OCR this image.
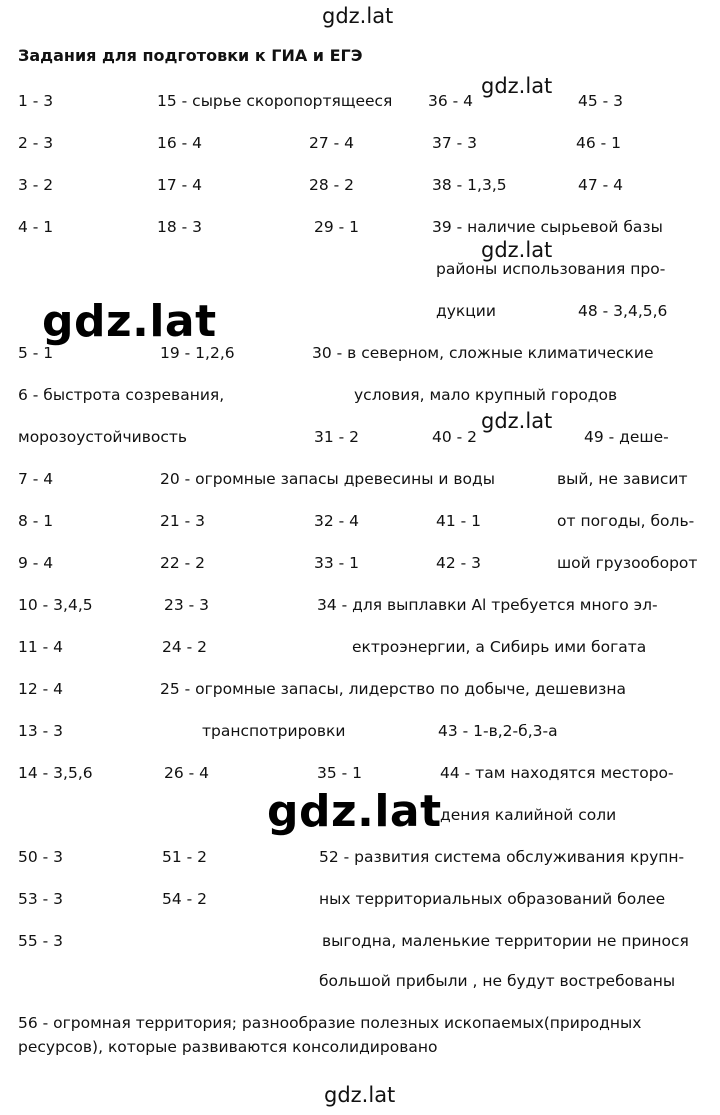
gdz.lat
Задания для подготовки к ГИА и ЕГЭ
gdz.lat
1 - 3	15 - сырье скоропортящееся 36 - 4	45 - 3
2 - 3	16 - 4	27 - 4	37 - 3	46 - 1
3 - 2	17 - 4	28 - 2	38 - 1,3,5	47 - 4
4 - 1	18 - 3	29 - 1	39 - наличие сырьевой базы
gdz.lat
районы использования про-
gdz.lat	дукции	48 - 3,4,5,6
5 - 1	19 - 1,2,6	30 - в северном, сложные климатические
6 - быстрота созревания,	условия, мало крупный городов
gdz.lat
морозоустойчивость	31 - 2	40 - 2	49 - деше-
7 - 4	20 - огромные запасы древесины и воды	вый, не зависит
8 - 1	21 - 3	32 - 4	41 - 1	от погоды, боль-
9 - 4	22 - 2	33 - 1	42 - 3	шой грузооборот
10 - 3,4,5	23 - 3	34 - для выплавки Al требуется много эл-
11 - 4	24 - 2	ектроэнергии, а Сибирь ими богата
12 - 4	25 - огромные запасы, лидерство по добыче, дешевизна
13 - 3	транспотрировки	43 - 1-в,2-б,3-а
14 - 3,5,6	26 - 4	35 - 1	44 - там находятся месторо-
gdz.lat
дения калийной соли
50 - 3	51 - 2	52 - развития система обслуживания крупн-
53 - 3	54 - 2	ных территориальных образований более
55 - 3	выгодна, маленькие территории не принося
большой прибыли , не будут востребованы
56 - огромная территория; разнообразие полезных ископаемых(природных ресурсов), которые развиваются консолидировано
gdz.lat
